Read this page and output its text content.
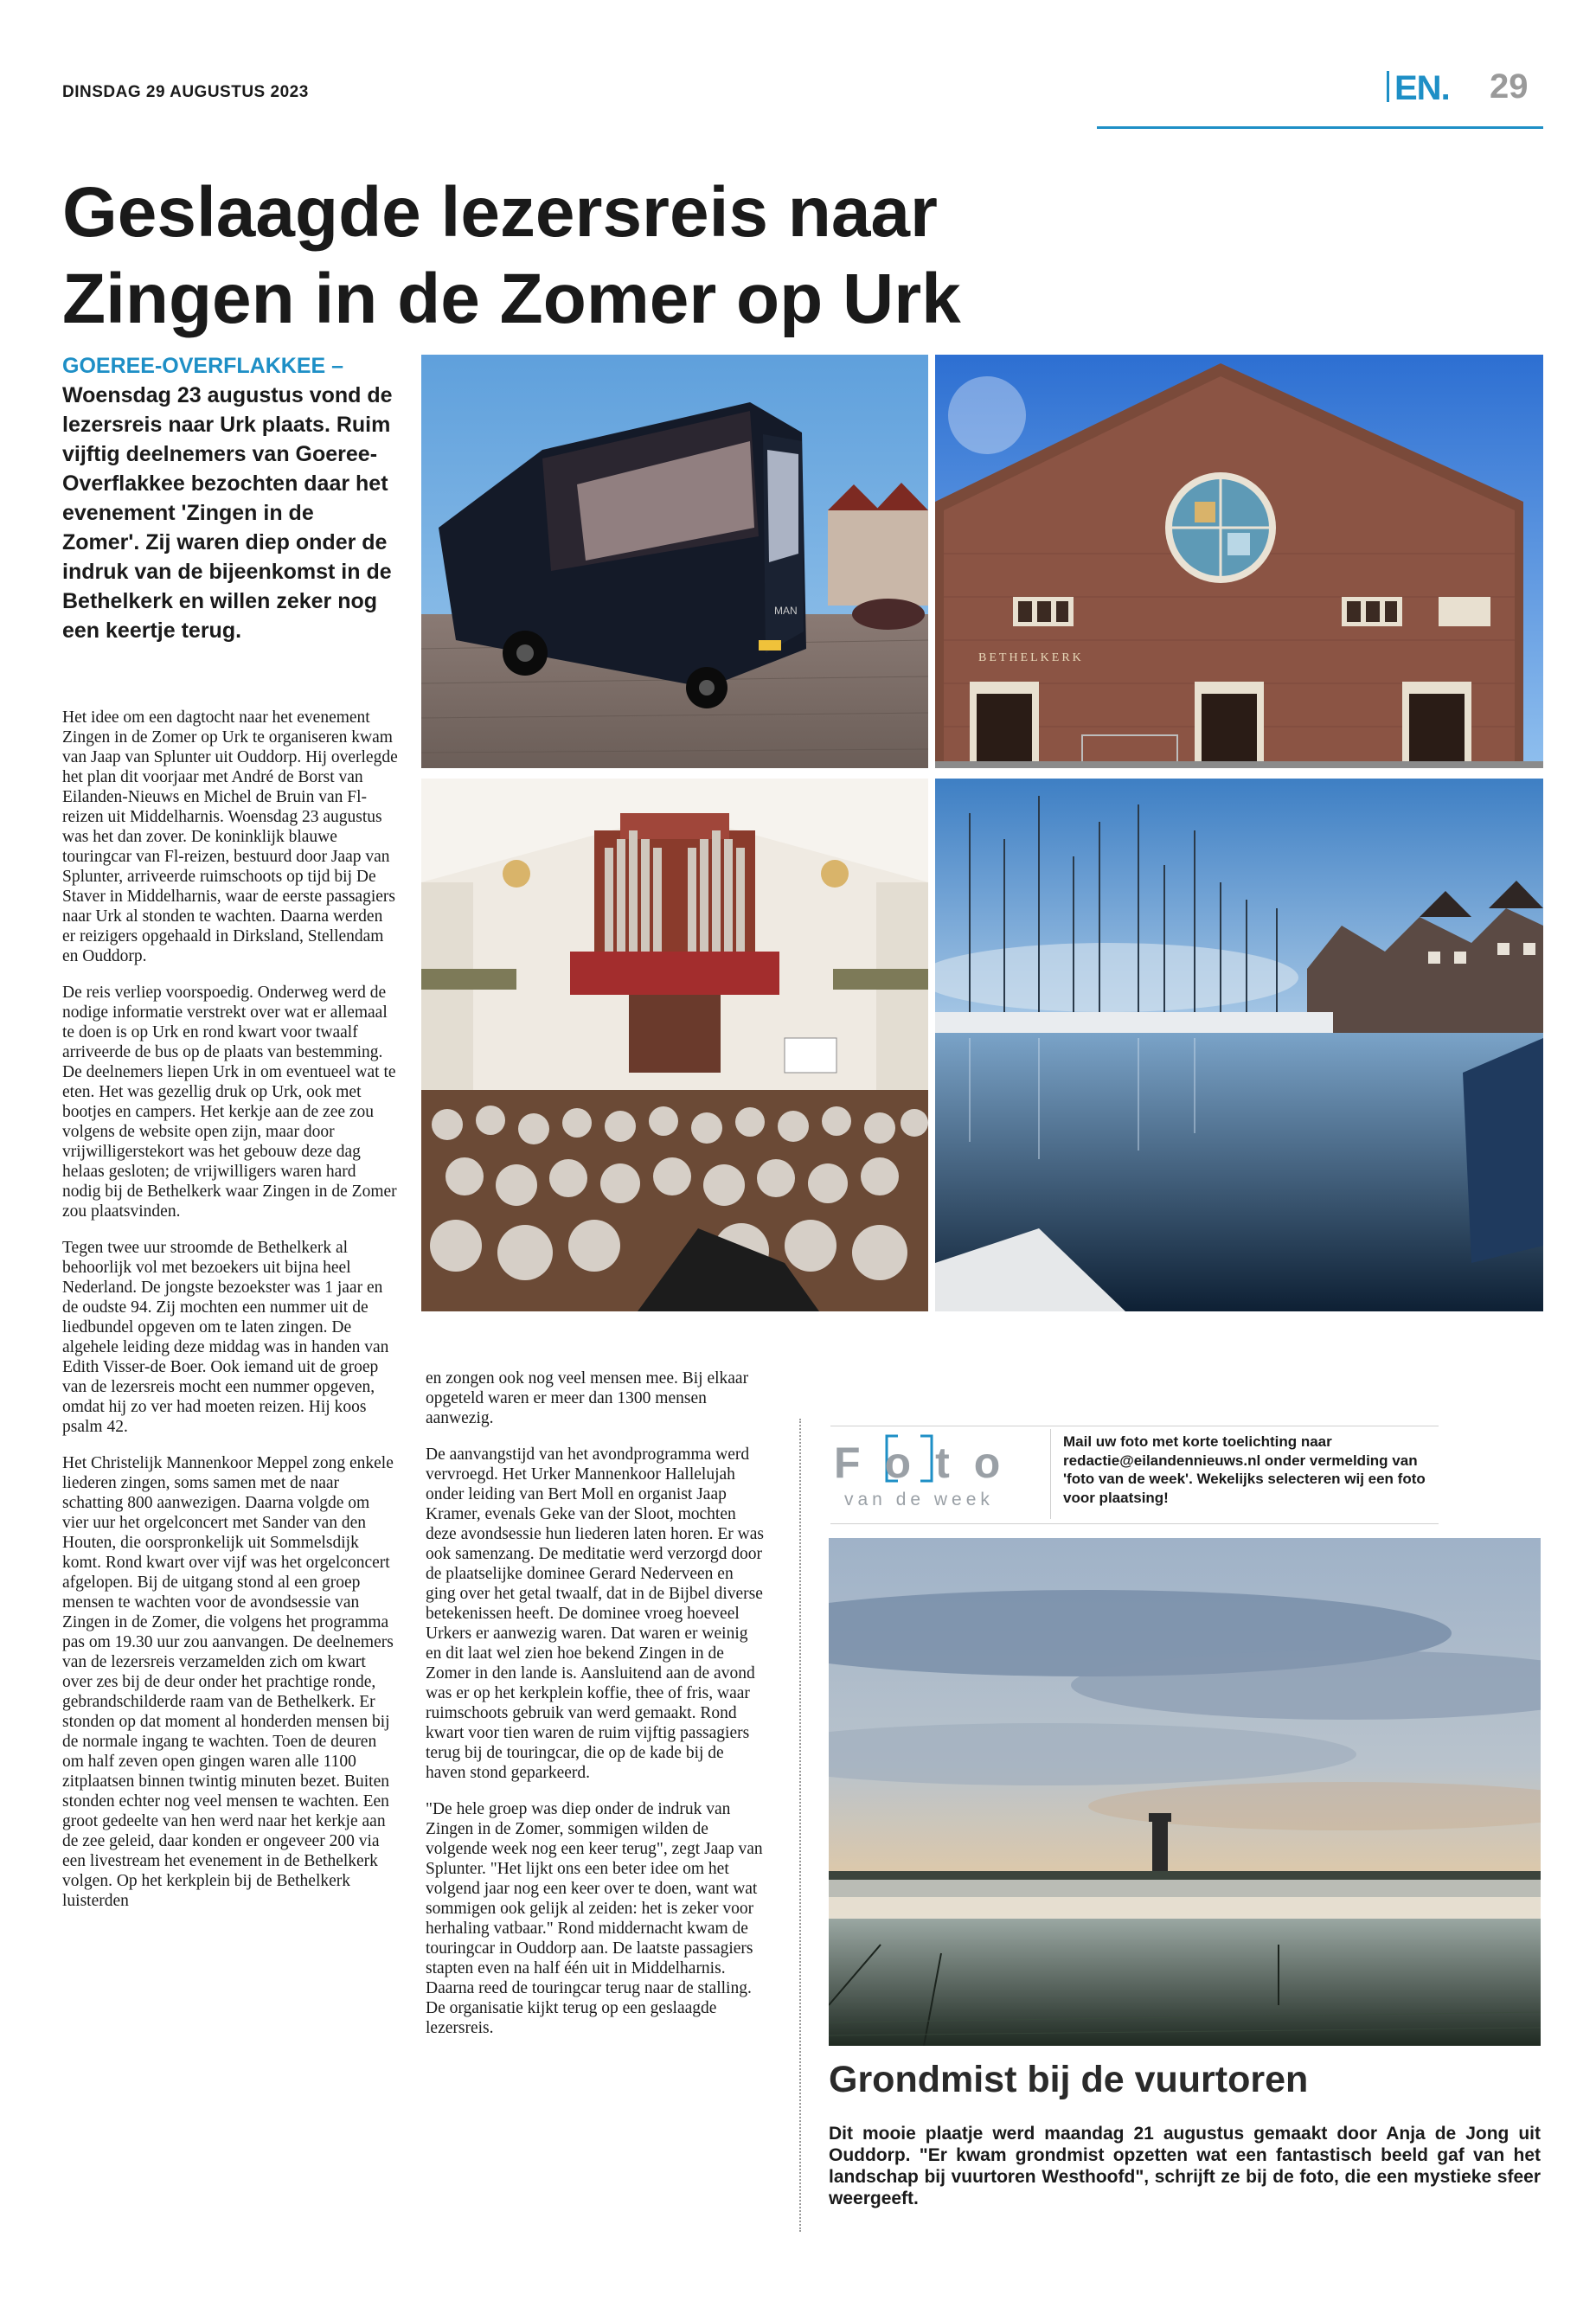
DINSDAG 29 AUGUSTUS 2023	EN. 29
Geslaagde lezersreis naar
Zingen in de Zomer op Urk
GOEREE-OVERFLAKKEE – Woensdag 23 augustus vond de lezersreis naar Urk plaats. Ruim vijftig deelnemers van Goeree-Overflakkee bezochten daar het evenement 'Zingen in de Zomer'. Zij waren diep onder de indruk van de bijeenkomst in de Bethelkerk en willen zeker nog een keertje terug.

Het idee om een dagtocht naar het evenement Zingen in de Zomer op Urk te organiseren kwam van Jaap van Splunter uit Ouddorp. Hij overlegde het plan dit voorjaar met André de Borst van Eilanden-Nieuws en Michel de Bruin van Fl-reizen uit Middelharnis. Woensdag 23 augustus was het dan zover. De koninklijk blauwe touringcar van Fl-reizen, bestuurd door Jaap van Splunter, arriveerde ruimschoots op tijd bij De Staver in Middelharnis, waar de eerste passagiers naar Urk al stonden te wachten. Daarna werden er reizigers opgehaald in Dirksland, Stellendam en Ouddorp.

De reis verliep voorspoedig. Onderweg werd de nodige informatie verstrekt over wat er allemaal te doen is op Urk en rond kwart voor twaalf arriveerde de bus op de plaats van bestemming. De deelnemers liepen Urk in om eventueel wat te eten. Het was gezellig druk op Urk, ook met bootjes en campers. Het kerkje aan de zee zou volgens de website open zijn, maar door vrijwilligerstekort was het gebouw deze dag helaas gesloten; de vrijwilligers waren hard nodig bij de Bethelkerk waar Zingen in de Zomer zou plaatsvinden.

Tegen twee uur stroomde de Bethelkerk al behoorlijk vol met bezoekers uit bijna heel Nederland. De jongste bezoekster was 1 jaar en de oudste 94. Zij mochten een nummer uit de liedbundel opgeven om te laten zingen. De algehele leiding deze middag was in handen van Edith Visser-de Boer. Ook iemand uit de groep van de lezersreis mocht een nummer opgeven, omdat hij zo ver had moeten reizen. Hij koos psalm 42.

Het Christelijk Mannenkoor Meppel zong enkele liederen zingen, soms samen met de naar schatting 800 aanwezigen. Daarna volgde om vier uur het orgelconcert met Sander van den Houten, die oorspronkelijk uit Sommelsdijk komt. Rond kwart over vijf was het orgelconcert afgelopen. Bij de uitgang stond al een groep mensen te wachten voor de avondsessie van Zingen in de Zomer, die volgens het programma pas om 19.30 uur zou aanvangen. De deelnemers van de lezersreis verzamelden zich om kwart over zes bij de deur onder het prachtige ronde, gebrandschilderde raam van de Bethelkerk. Er stonden op dat moment al honderden mensen bij de normale ingang te wachten. Toen de deuren om half zeven open gingen waren alle 1100 zitplaatsen binnen twintig minuten bezet. Buiten stonden echter nog veel mensen te wachten. Een groot gedeelte van hen werd naar het kerkje aan de zee geleid, daar konden er ongeveer 200 via een livestream het evenement in de Bethelkerk volgen. Op het kerkplein bij de Bethelkerk luisterden

en zongen ook nog veel mensen mee. Bij elkaar opgeteld waren er meer dan 1300 mensen aanwezig.

De aanvangstijd van het avondprogramma werd vervroegd. Het Urker Mannenkoor Hallelujah onder leiding van Bert Moll en organist Jaap Kramer, evenals Geke van der Sloot, mochten deze avondsessie hun liederen laten horen. Er was ook samenzang. De meditatie werd verzorgd door de plaatselijke dominee Gerard Nederveen en ging over het getal twaalf, dat in de Bijbel diverse betekenissen heeft. De dominee vroeg hoeveel Urkers er aanwezig waren. Dat waren er weinig en dit laat wel zien hoe bekend Zingen in de Zomer in den lande is. Aansluitend aan de avond was er op het kerkplein koffie, thee of fris, waar ruimschoots gebruik van werd gemaakt. Rond kwart voor tien waren de ruim vijftig passagiers terug bij de touringcar, die op de kade bij de haven stond geparkeerd.

"De hele groep was diep onder de indruk van Zingen in de Zomer, sommigen wilden de volgende week nog een keer terug", zegt Jaap van Splunter. "Het lijkt ons een beter idee om het volgend jaar nog een keer over te doen, want wat sommigen ook gelijk al zeiden: het is zeker voor herhaling vatbaar." Rond middernacht kwam de touringcar in Ouddorp aan. De laatste passagiers stapten even na half één uit in Middelharnis. Daarna reed de touringcar terug naar de stalling. De organisatie kijkt terug op een geslaagde lezersreis.

MAN
BETHELKERK
Foto
van de week
Mail uw foto met korte toelichting naar redactie@eilandennieuws.nl onder vermelding van 'foto van de week'. Wekelijks selecteren wij een foto voor plaatsing!
Grondmist bij de vuurtoren
Dit mooie plaatje werd maandag 21 augustus gemaakt door Anja de Jong uit Ouddorp. "Er kwam grondmist opzetten wat een fantastisch beeld gaf van het landschap bij vuurtoren Westhoofd", schrijft ze bij de foto, die een mystieke sfeer weergeeft.
